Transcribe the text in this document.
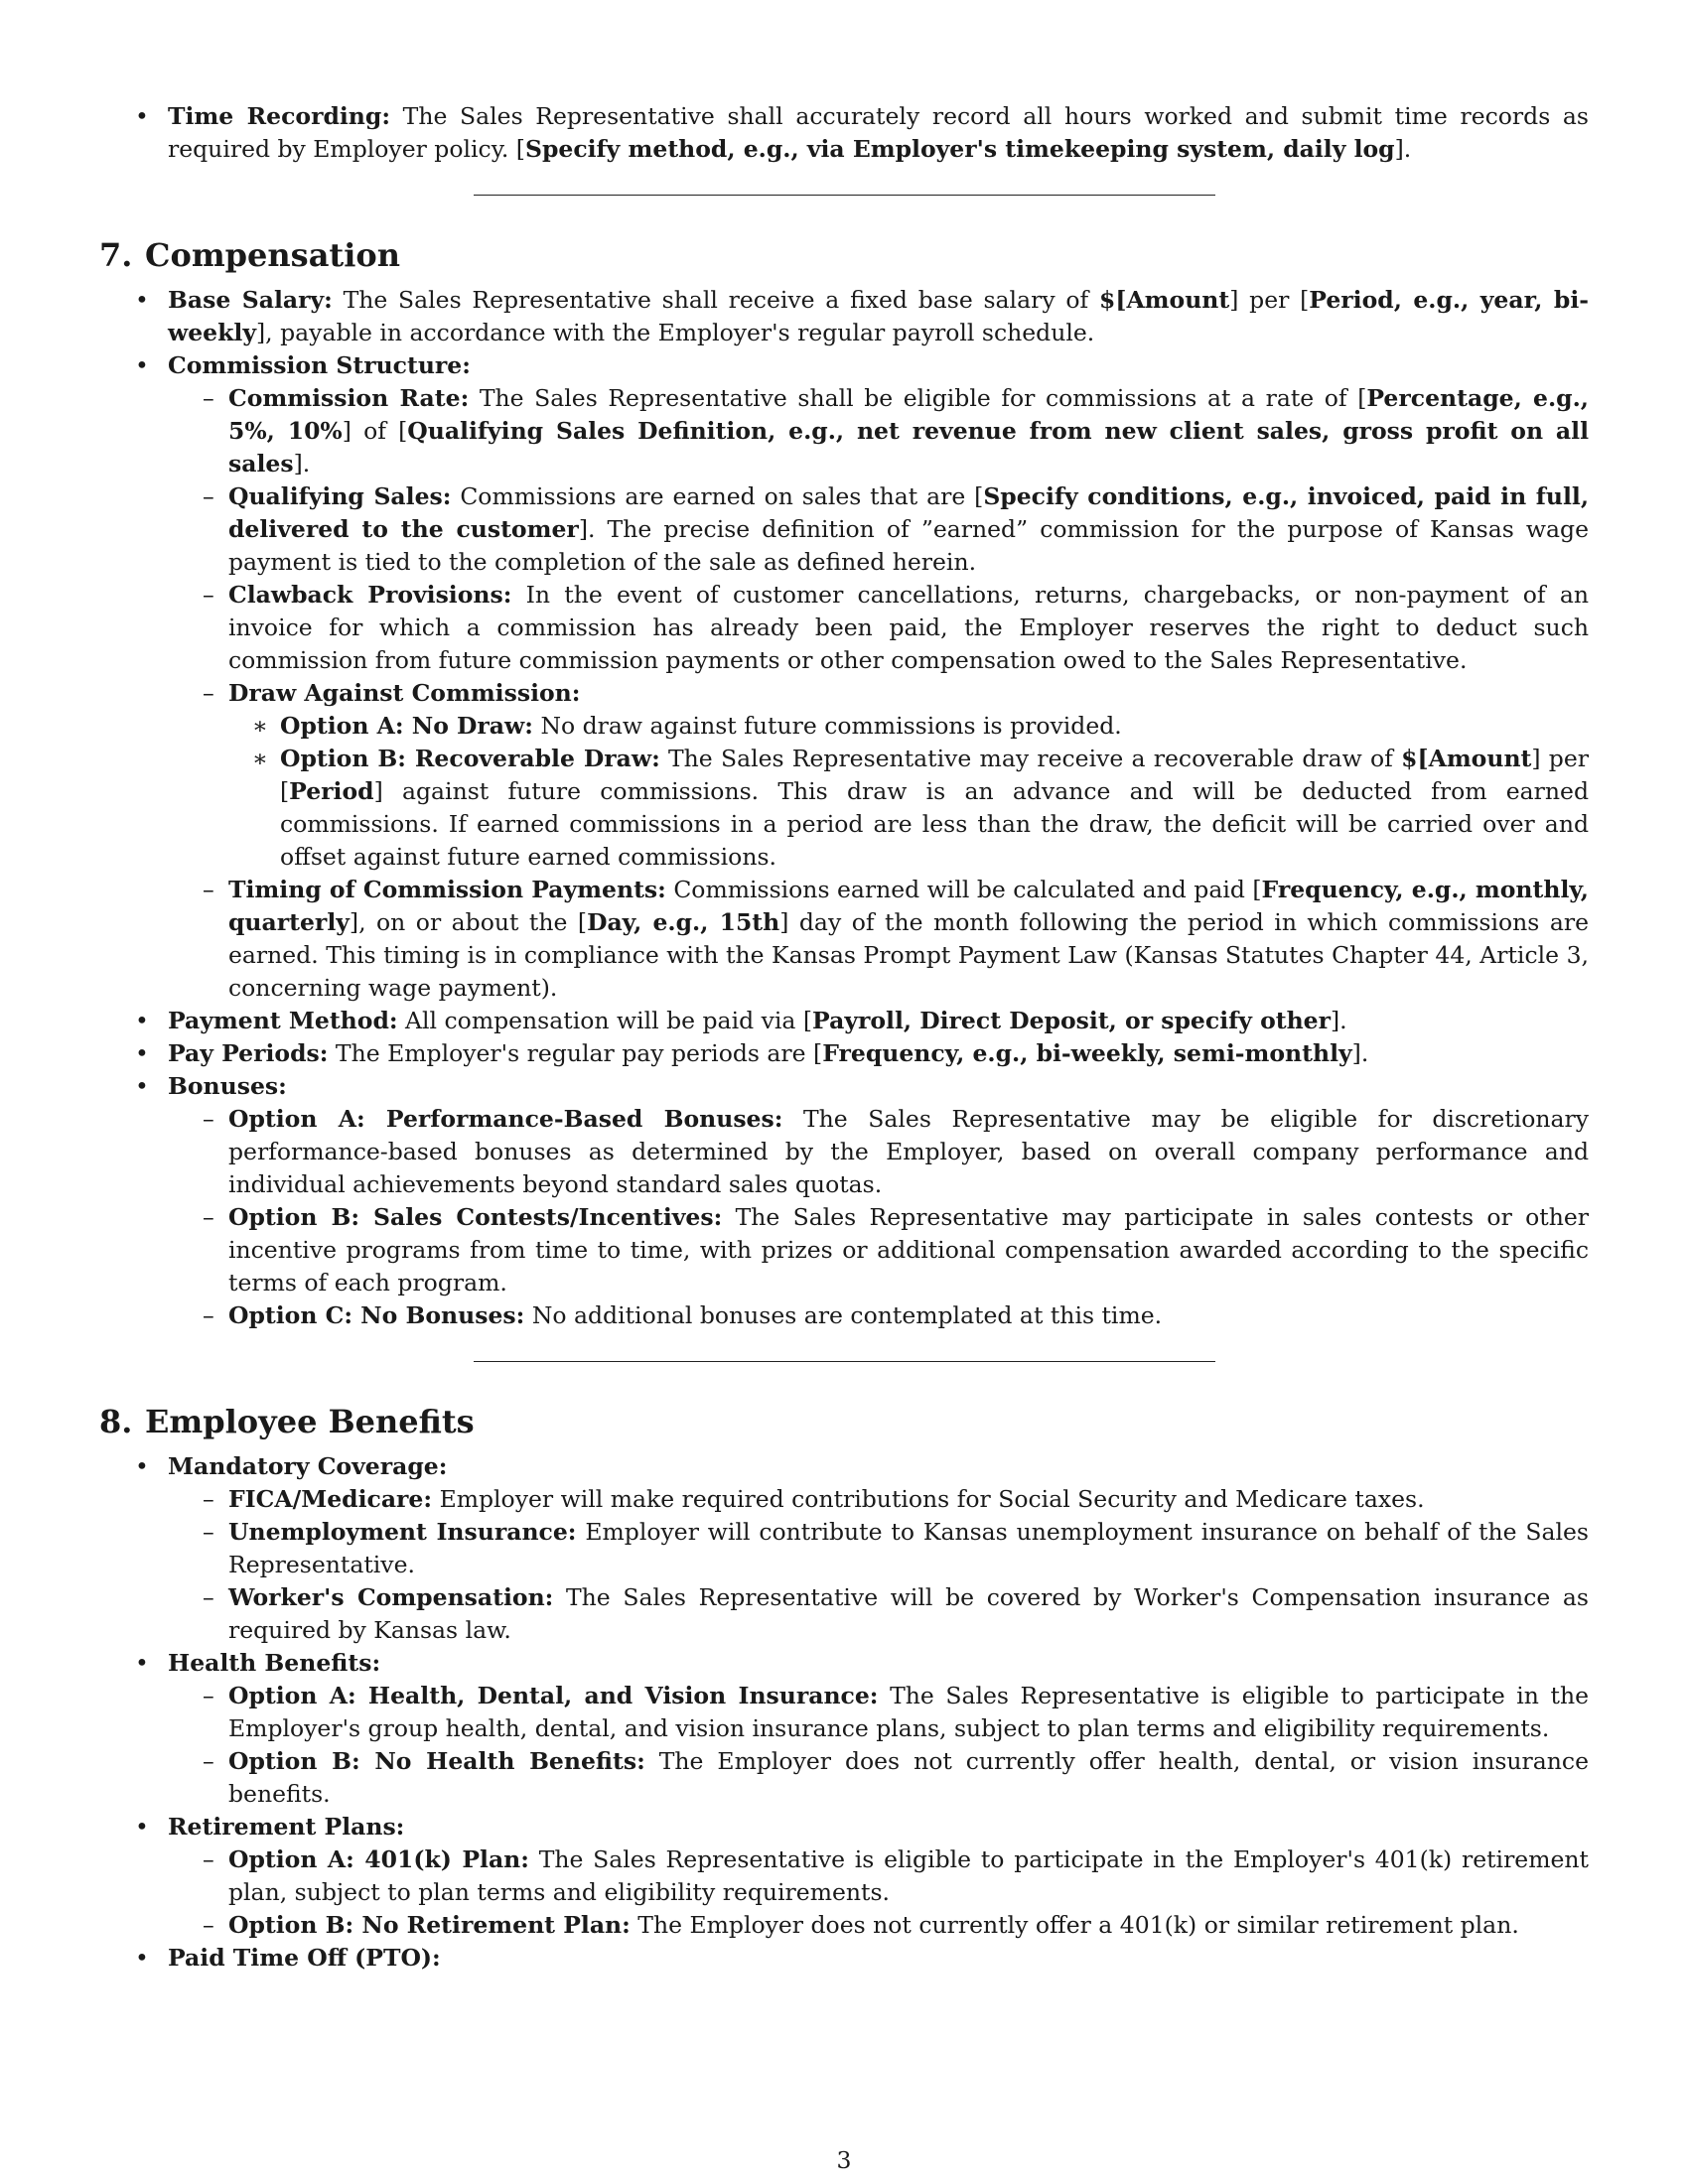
• Time Recording: The Sales Representative shall accurately record all hours worked and submit time records as required by Employer policy. [Specify method, e.g., via Employer's timekeeping system, daily log].
7. Compensation
• Base Salary: The Sales Representative shall receive a fixed base salary of $[Amount] per [Period, e.g., year, bi-weekly], payable in accordance with the Employer's regular payroll schedule.
• Commission Structure:
– Commission Rate: The Sales Representative shall be eligible for commissions at a rate of [Percentage, e.g., 5%, 10%] of [Qualifying Sales Definition, e.g., net revenue from new client sales, gross profit on all sales].
– Qualifying Sales: Commissions are earned on sales that are [Specify conditions, e.g., invoiced, paid in full, delivered to the customer]. The precise definition of ”earned” commission for the purpose of Kansas wage payment is tied to the completion of the sale as defined herein.
– Clawback Provisions: In the event of customer cancellations, returns, chargebacks, or non-payment of an invoice for which a commission has already been paid, the Employer reserves the right to deduct such commission from future commission payments or other compensation owed to the Sales Representative.
– Draw Against Commission:
∗ Option A: No Draw: No draw against future commissions is provided.
∗ Option B: Recoverable Draw: The Sales Representative may receive a recoverable draw of $[Amount] per [Period] against future commissions. This draw is an advance and will be deducted from earned commissions. If earned commissions in a period are less than the draw, the deficit will be carried over and offset against future earned commissions.
– Timing of Commission Payments: Commissions earned will be calculated and paid [Frequency, e.g., monthly, quarterly], on or about the [Day, e.g., 15th] day of the month following the period in which commissions are earned. This timing is in compliance with the Kansas Prompt Payment Law (Kansas Statutes Chapter 44, Article 3, concerning wage payment).
• Payment Method: All compensation will be paid via [Payroll, Direct Deposit, or specify other].
• Pay Periods: The Employer's regular pay periods are [Frequency, e.g., bi-weekly, semi-monthly].
• Bonuses:
– Option A: Performance-Based Bonuses: The Sales Representative may be eligible for discretionary performance-based bonuses as determined by the Employer, based on overall company performance and individual achievements beyond standard sales quotas.
– Option B: Sales Contests/Incentives: The Sales Representative may participate in sales contests or other incentive programs from time to time, with prizes or additional compensation awarded according to the specific terms of each program.
– Option C: No Bonuses: No additional bonuses are contemplated at this time.
8. Employee Benefits
• Mandatory Coverage:
– FICA/Medicare: Employer will make required contributions for Social Security and Medicare taxes.
– Unemployment Insurance: Employer will contribute to Kansas unemployment insurance on behalf of the Sales Representative.
– Worker's Compensation: The Sales Representative will be covered by Worker's Compensation insurance as required by Kansas law.
• Health Benefits:
– Option A: Health, Dental, and Vision Insurance: The Sales Representative is eligible to participate in the Employer's group health, dental, and vision insurance plans, subject to plan terms and eligibility requirements.
– Option B: No Health Benefits: The Employer does not currently offer health, dental, or vision insurance benefits.
• Retirement Plans:
– Option A: 401(k) Plan: The Sales Representative is eligible to participate in the Employer's 401(k) retirement plan, subject to plan terms and eligibility requirements.
– Option B: No Retirement Plan: The Employer does not currently offer a 401(k) or similar retirement plan.
• Paid Time Off (PTO):
3
